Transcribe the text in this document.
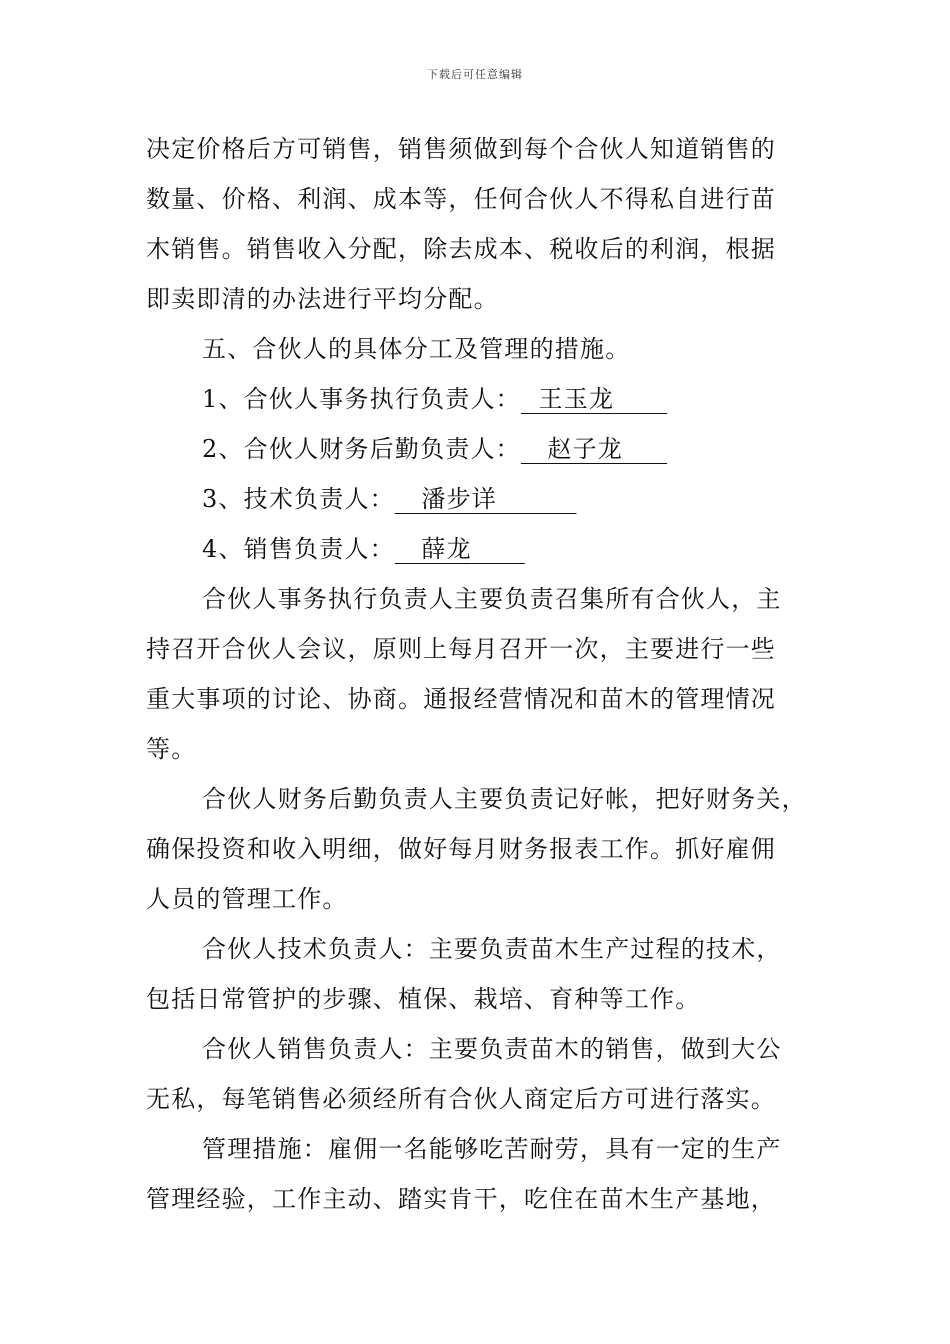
下载后可任意编辑
决定价格后方可销售，销售须做到每个合伙人知道销售的
数量、价格、利润、成本等，任何合伙人不得私自进行苗
木销售。销售收入分配，除去成本、税收后的利润，根据
即卖即清的办法进行平均分配。
五、合伙人的具体分工及管理的措施。
1、合伙人事务执行负责人： 王玉龙
2、合伙人财务后勤负责人： 赵子龙
3、技术负责人： 潘步详
4、销售负责人： 薛龙
合伙人事务执行负责人主要负责召集所有合伙人，主
持召开合伙人会议，原则上每月召开一次，主要进行一些
重大事项的讨论、协商。通报经营情况和苗木的管理情况
等。
合伙人财务后勤负责人主要负责记好帐，把好财务关，
确保投资和收入明细，做好每月财务报表工作。抓好雇佣
人员的管理工作。
合伙人技术负责人：主要负责苗木生产过程的技术，
包括日常管护的步骤、植保、栽培、育种等工作。
合伙人销售负责人：主要负责苗木的销售，做到大公
无私，每笔销售必须经所有合伙人商定后方可进行落实。
管理措施：雇佣一名能够吃苦耐劳，具有一定的生产
管理经验，工作主动、踏实肯干，吃住在苗木生产基地，
